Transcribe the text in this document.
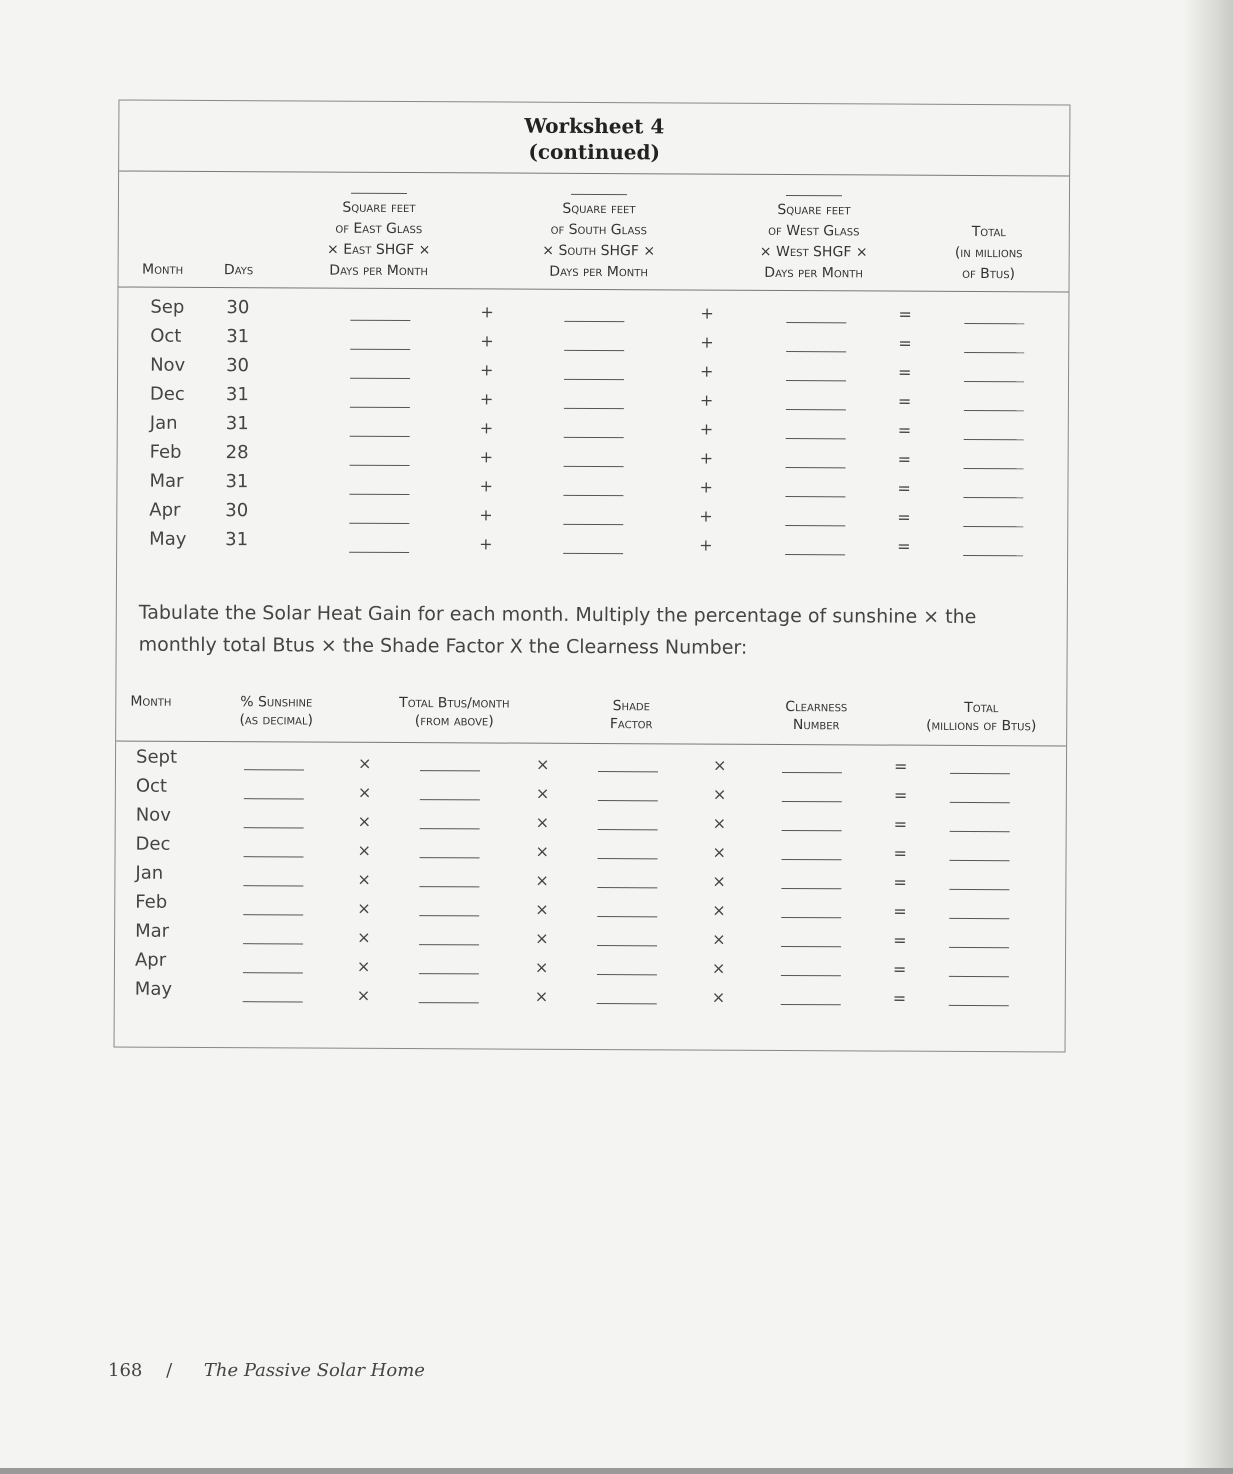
Worksheet 4
(continued)
Month	Days
Square feet
of East Glass
× East SHGF ×
Days per Month
Square feet
of South Glass
× South SHGF ×
Days per Month
Square feet
of West Glass
× West SHGF ×
Days per Month
Total
(in millions
of Btus)
Sep 30	+	+	=
Oct 31	+	+	=
Nov 30	+	+	=
Dec 31	+	+	=
Jan	31	+	+	=
Feb 28	+	+	=
Mar 31	+	+	=
Apr 30	+	+	=
May 31	+	+	=
Tabulate the Solar Heat Gain for each month. Multiply the percentage of sunshine × the monthly total Btus × the Shade Factor X the Clearness Number:
Month	% Sunshine
(as decimal)
Total Btus/month
(from above)
Shade
Factor
Clearness
Number
Total
(millions of Btus)
Sept	×	×	×	=
Oct	×	×	×	=
Nov	×	×	×	=
Dec	×	×	×	=
Jan	×	×	×	=
Feb	×	×	×	=
Mar	×	×	×	=
Apr	×	×	×	=
May	×	×	×	=
168 / The Passive Solar Home
